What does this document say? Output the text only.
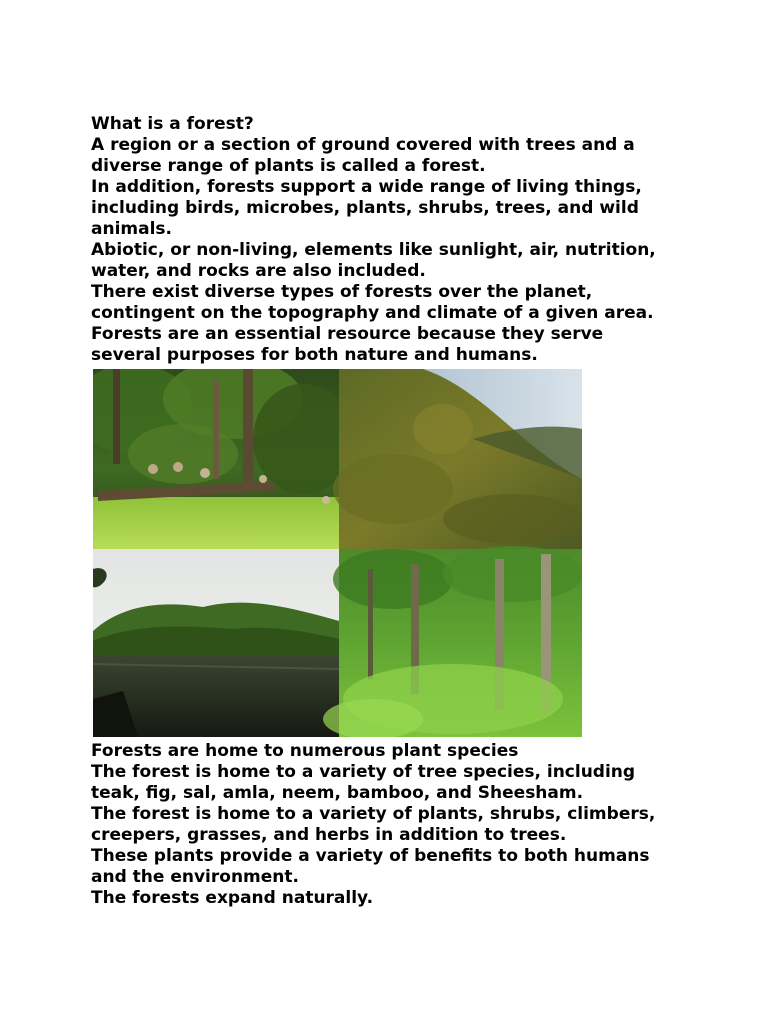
What is a forest?

A region or a section of ground covered with trees and a

diverse range of plants is called a forest.

In addition, forests support a wide range of living things,

including birds, microbes, plants, shrubs, trees, and wild

animals.

Abiotic, or non-living, elements like sunlight, air, nutrition,

water, and rocks are also included.

There exist diverse types of forests over the planet,

contingent on the topography and climate of a given area.

Forests are an essential resource because they serve

several purposes for both nature and humans.

Forests are home to numerous plant species

The forest is home to a variety of tree species, including

teak, fig, sal, amla, neem, bamboo, and Sheesham.

The forest is home to a variety of plants, shrubs, climbers,

creepers, grasses, and herbs in addition to trees.

These plants provide a variety of benefits to both humans

and the environment.

The forests expand naturally.
